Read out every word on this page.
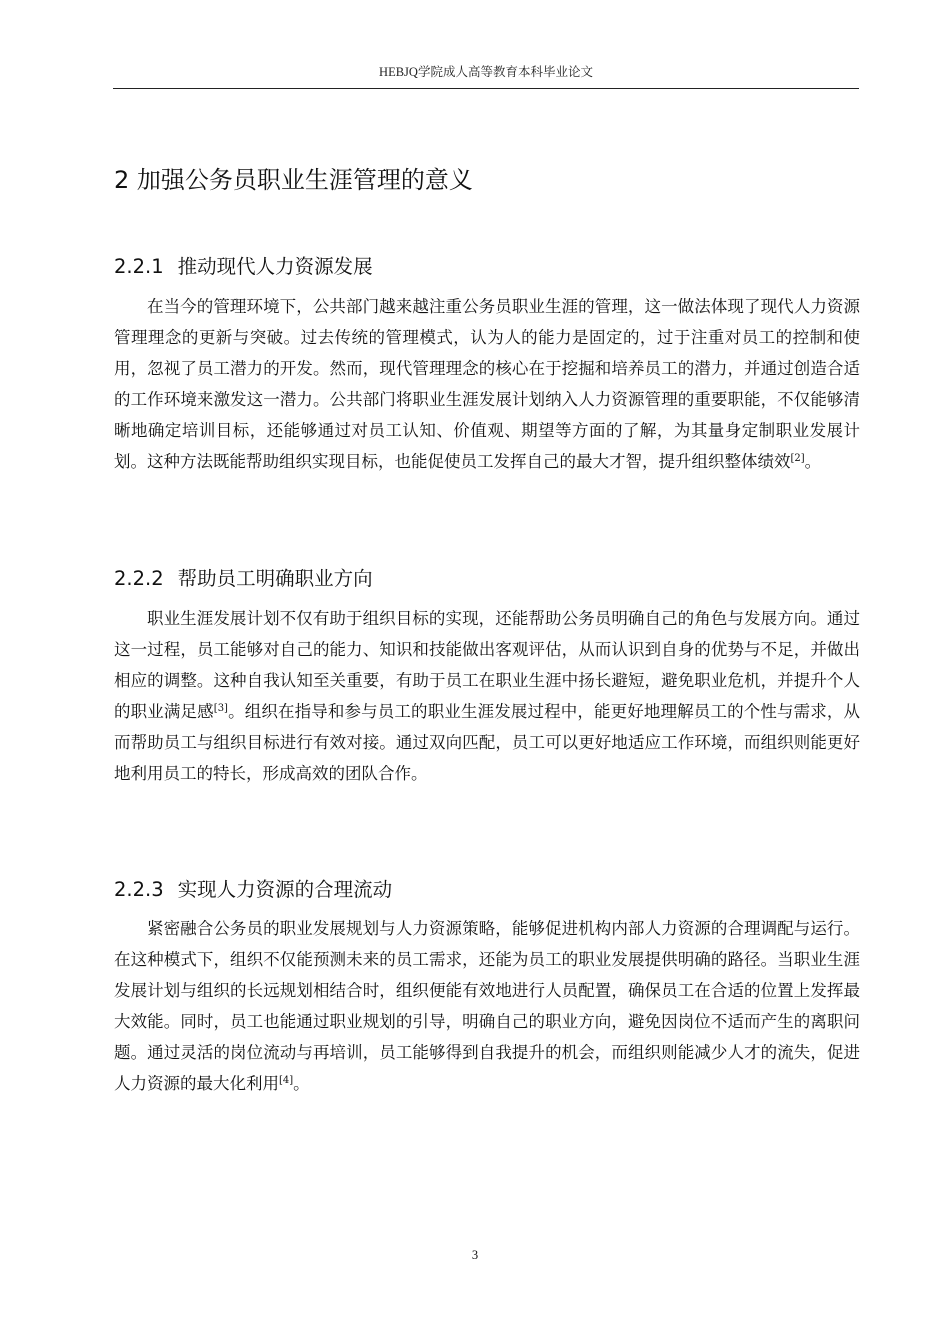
HEBJQ学院成人高等教育本科毕业论文
2 加强公务员职业生涯管理的意义
2.2.1 推动现代人力资源发展

在当今的管理环境下，公共部门越来越注重公务员职业生涯的管理，这一做法体现了现代人力资源管理理念的更新与突破。过去传统的管理模式，认为人的能力是固定的，过于注重对员工的控制和使用，忽视了员工潜力的开发。然而，现代管理理念的核心在于挖掘和培养员工的潜力，并通过创造合适的工作环境来激发这一潜力。公共部门将职业生涯发展计划纳入人力资源管理的重要职能，不仅能够清晰地确定培训目标，还能够通过对员工认知、价值观、期望等方面的了解，为其量身定制职业发展计划。这种方法既能帮助组织实现目标，也能促使员工发挥自己的最大才智，提升组织整体绩效[2]。

2.2.2 帮助员工明确职业方向

职业生涯发展计划不仅有助于组织目标的实现，还能帮助公务员明确自己的角色与发展方向。通过这一过程，员工能够对自己的能力、知识和技能做出客观评估，从而认识到自身的优势与不足，并做出相应的调整。这种自我认知至关重要，有助于员工在职业生涯中扬长避短，避免职业危机，并提升个人的职业满足感[3]。组织在指导和参与员工的职业生涯发展过程中，能更好地理解员工的个性与需求，从而帮助员工与组织目标进行有效对接。通过双向匹配，员工可以更好地适应工作环境，而组织则能更好地利用员工的特长，形成高效的团队合作。

2.2.3 实现人力资源的合理流动

紧密融合公务员的职业发展规划与人力资源策略，能够促进机构内部人力资源的合理调配与运行。在这种模式下，组织不仅能预测未来的员工需求，还能为员工的职业发展提供明确的路径。当职业生涯发展计划与组织的长远规划相结合时，组织便能有效地进行人员配置，确保员工在合适的位置上发挥最大效能。同时，员工也能通过职业规划的引导，明确自己的职业方向，避免因岗位不适而产生的离职问题。通过灵活的岗位流动与再培训，员工能够得到自我提升的机会，而组织则能减少人才的流失，促进人力资源的最大化利用[4]。

3
